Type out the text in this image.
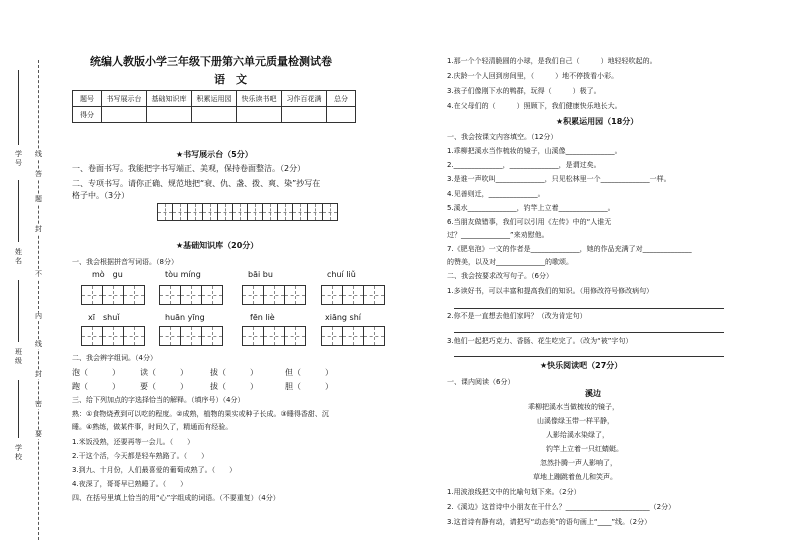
学号
姓名
班级
学校
线
答
题
封
不
内
线
封
密
要
统编人教版小学三年级下册第六单元质量检测试卷
语　文
题号	书写展示台	基础知识库	积累运用园	快乐读书吧	习作百花满	总分
得分						
★书写展示台（5分）
一、卷面书写。我能把字书写端正、美观，保持卷面整洁。（2分）
二、专项书写。请你正确、规范地把“衰、仇、盏、拨、爽、染”抄写在
格子中。（3分）
★基础知识库（20分）
一、我会根据拼音写词语。（8分）
mò　gu	tòu míng	bāi bu	chuí liǔ
xī　shuǐ	huān yīng	fēn liè	xiāng shí
二、我会辨字组词。（4分）
泡（　　　）	读（　　　）	拔（　　　）	但（　　　）
跑（　　　）	要（　　　）	拔（　　　）	胆（　　　）
三、给下列加点的字选择恰当的解释。（填序号）（4分）
熟：①食物烧煮到可以吃的程度。②成熟，植物的果实或种子长成。③睡得香甜、沉
睡。④熟练，做某件事，时间久了，精通而有经验。
1.米饭没熟，还要再等一会儿。（　　）
2.干这个活，今天都是轻车熟路了。（　　）
3.到九、十月份，人们最喜爱的葡萄成熟了。（　　）
4.夜深了，哥哥早已熟睡了。（　　）
四、在括号里填上恰当的用“心”字组成的词语。（不要重复）（4分）
1.那一个个轻清脆圆的小球，是我们自己（　　　）地轻轻吹起的。
2.庆龄一个人回到房间里，（　　　）地不停拨看小彩。
3.孩子们像刚下水的鸭群，玩得（　　　）极了。
4.在父母们的（　　　）照顾下，我们健康快乐地长大。
★积累运用园（18分）
一、我会按课文内容填空。（12分）
1.乖柳把溪水当作梳妆的镜子，山溪像______________。
2.______________，______________，是谓过矣。
3.是谁一声吹叫______________，只见松林里一个______________一样。
4.见善则迁，______________。
5.溪水______________，钓竿上立着______________。
6.当朋友做错事，我们可以引用《左传》中的“人谁无
过？______________”来劝慰他。
7.《肥皂泡》一文的作者是______________，她的作品充满了对______________
的赞美，以及对______________的歌颂。
二、我会按要求改写句子。（6分）
1.多读好书，可以丰富和提高我们的知识。（用修改符号修改病句）
2.你不是一直想去他们家吗？（改为肯定句）
3.他们一起把巧克力、香肠、花生吃完了。（改为“被”字句）
★快乐阅读吧（27分）
一、课内阅读（6分）
溪边
乖柳把溪水当做梳妆的镜子，
山溪像绿玉带一样平静，
人影给溪水染绿了，
钓竿上立着一只红蜻蜓。
忽然扑腾一声人影响了，
草地上蹦跳着鱼儿和笑声。
1.用波浪线把文中的比喻句划下来。（2分）
2.《溪边》这首诗中小朋友在干什么？________________________（2分）
3.这首诗有静有动，请把写“动态美”的语句画上“____”线。（2分）
